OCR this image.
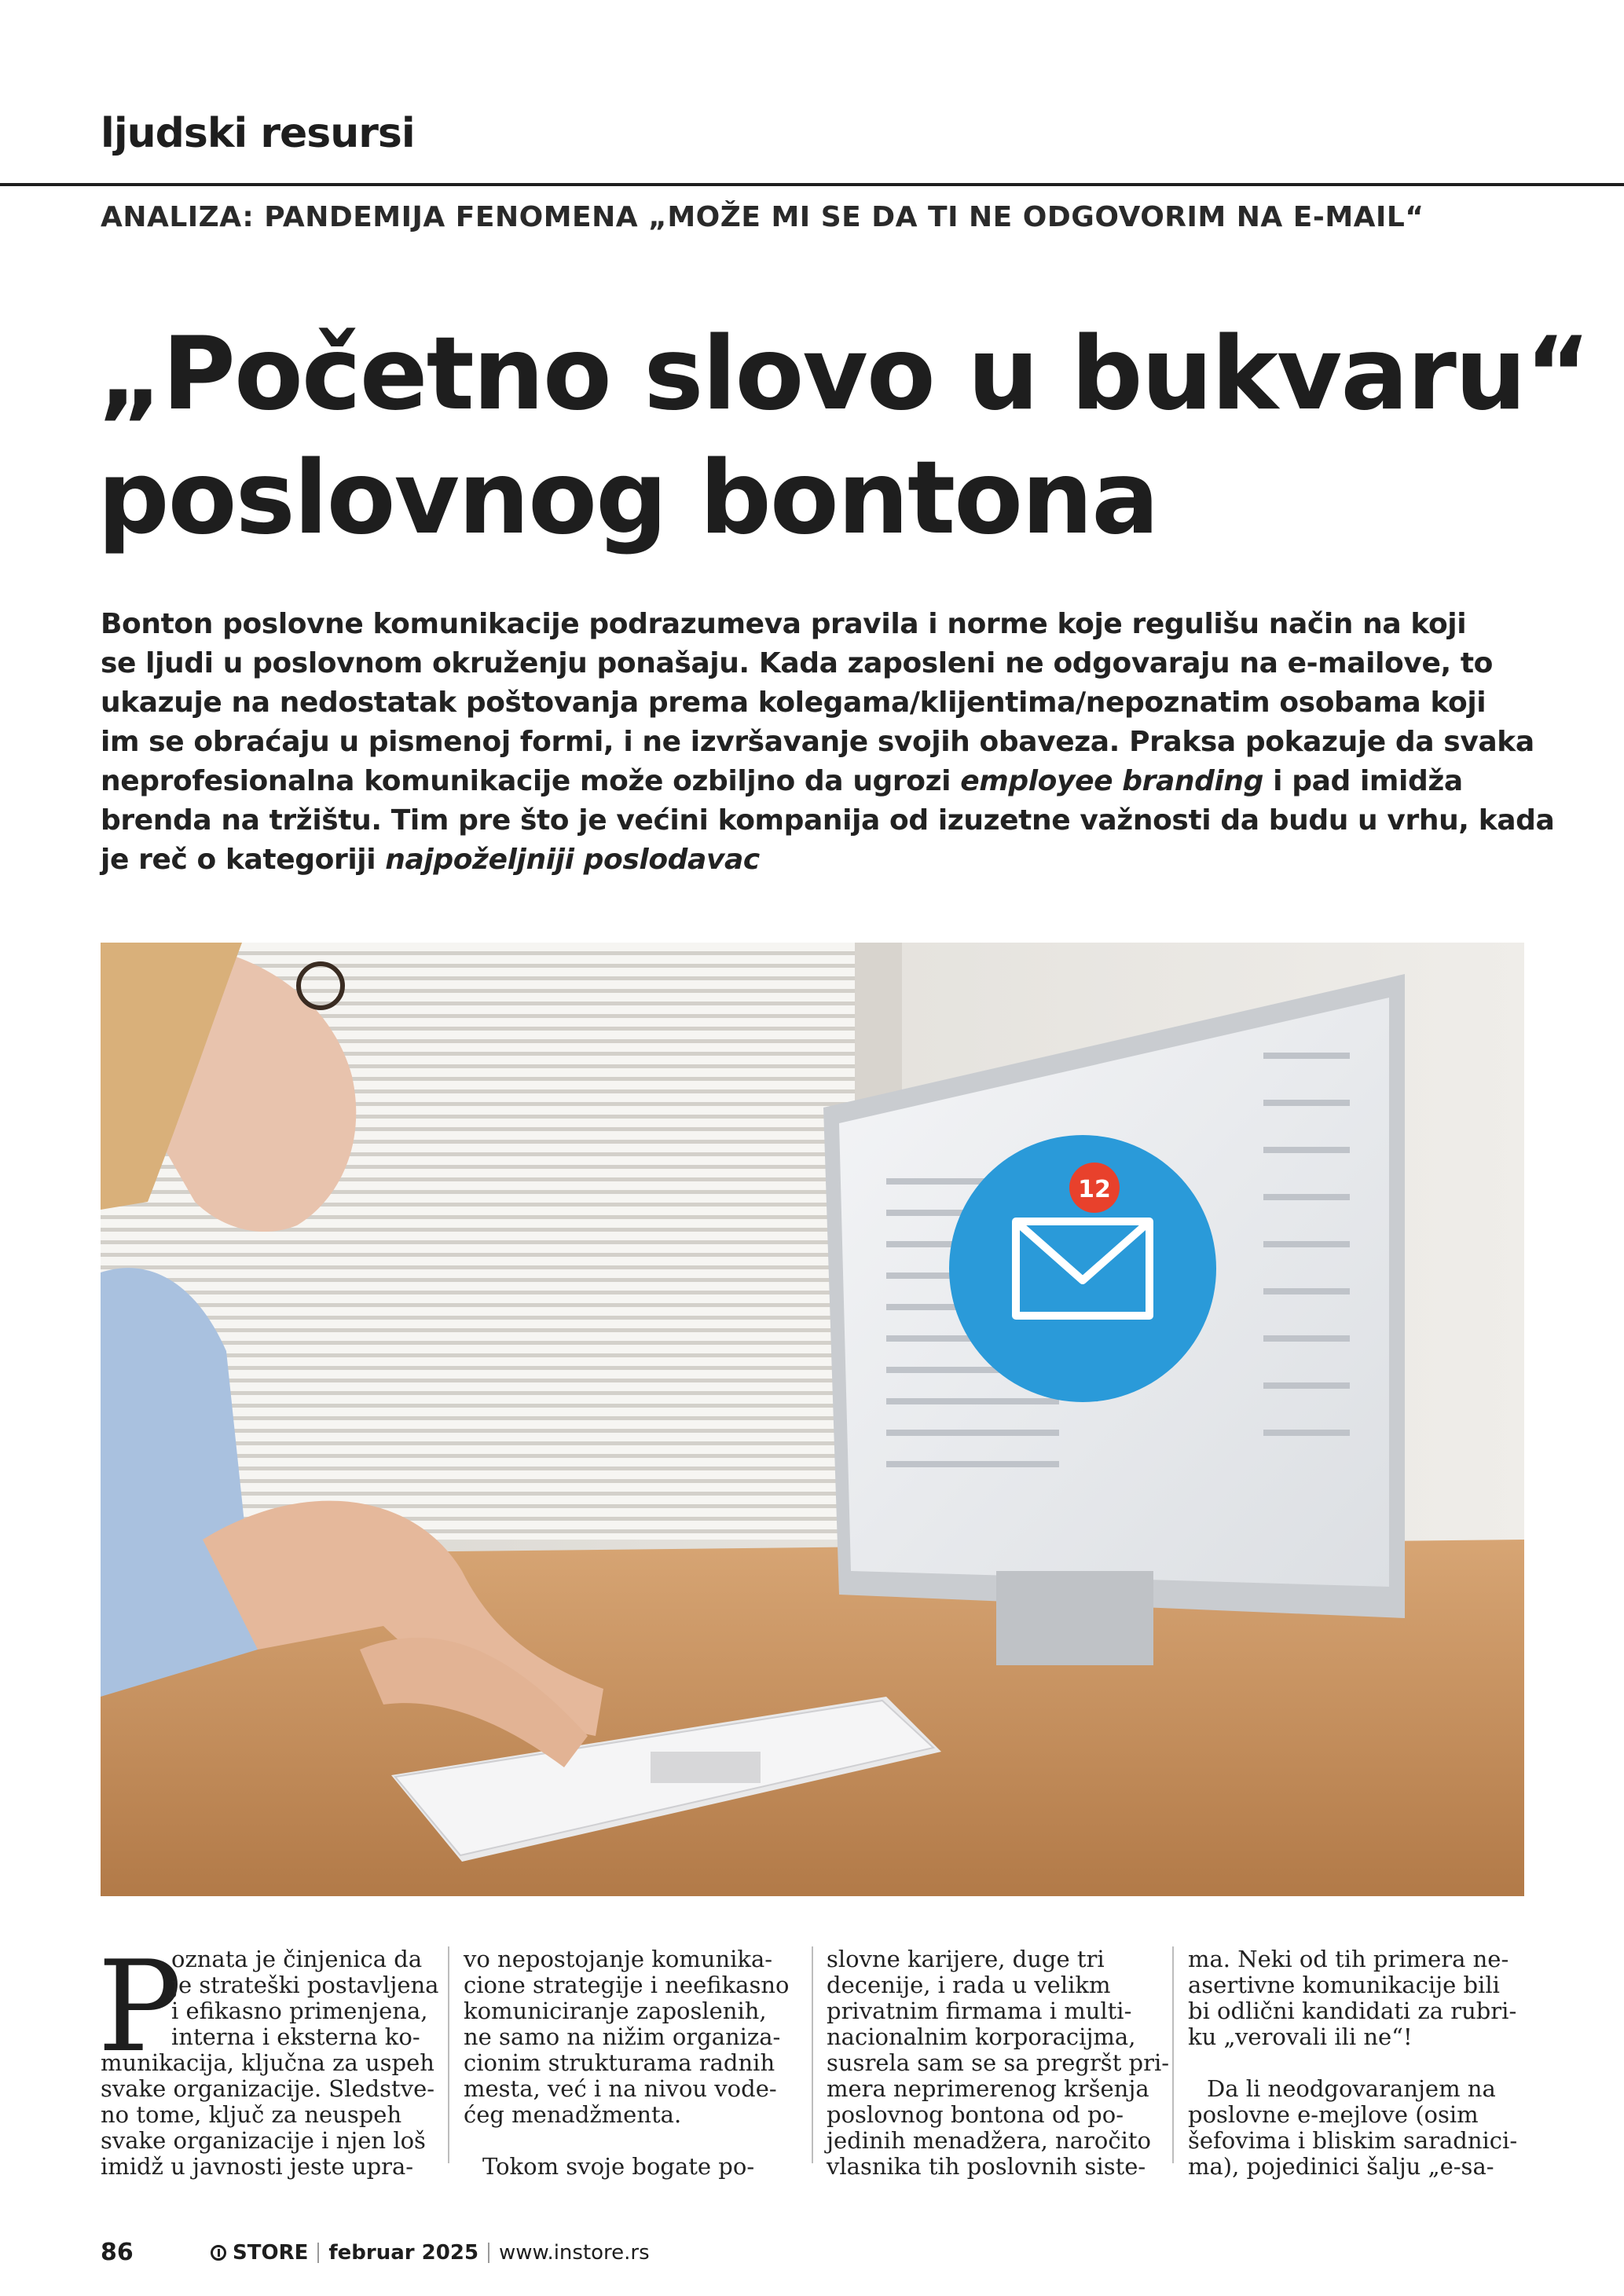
ljudski resursi
ANALIZA: PANDEMIJA FENOMENA „MOŽE MI SE DA TI NE ODGOVORIM NA E-MAIL“
„Početno slovo u bukvaru“
poslovnog bontona
Bonton poslovne komunikacije podrazumeva pravila i norme koje regulišu način na koji
se ljudi u poslovnom okruženju ponašaju. Kada zaposleni ne odgovaraju na e-mailove, to
ukazuje na nedostatak poštovanja prema kolegama/klijentima/nepoznatim osobama koji
im se obraćaju u pismenoj formi, i ne izvršavanje svojih obaveza. Praksa pokazuje da svaka
neprofesionalna komunikacije može ozbiljno da ugrozi employee branding i pad imidža
brenda na tržištu. Tim pre što je većini kompanija od izuzetne važnosti da budu u vrhu, kada
je reč o kategoriji najpoželjniji poslodavac
12
P
oznata je činjenica da
je strateški postavljena
i efikasno primenjena,
interna i eksterna ko-
munikacija, ključna za uspeh
svake organizacije. Sledstve-
no tome, ključ za neuspeh
svake organizacije i njen loš
imidž u javnosti jeste upra-
vo nepostojanje komunika-
cione strategije i neefikasno
komuniciranje zaposlenih,
ne samo na nižim organiza-
cionim strukturama radnih
mesta, već i na nivou vode-
ćeg menadžmenta.
Tokom svoje bogate po-
slovne karijere, duge tri
decenije, i rada u velikm
privatnim firmama i multi-
nacionalnim korporacijma,
susrela sam se sa pregršt pri-
mera neprimerenog kršenja
poslovnog bontona od po-
jedinih menadžera, naročito
vlasnika tih poslovnih siste-
ma. Neki od tih primera ne-
asertivne komunikacije bili
bi odlični kandidati za rubri-
ku „verovali ili ne“!
Da li neodgovaranjem na
poslovne e-mejlove (osim
šefovima i bliskim saradnici-
ma), pojedinici šalju „e-sa-
86	STORE februar 2025 www.instore.rs
